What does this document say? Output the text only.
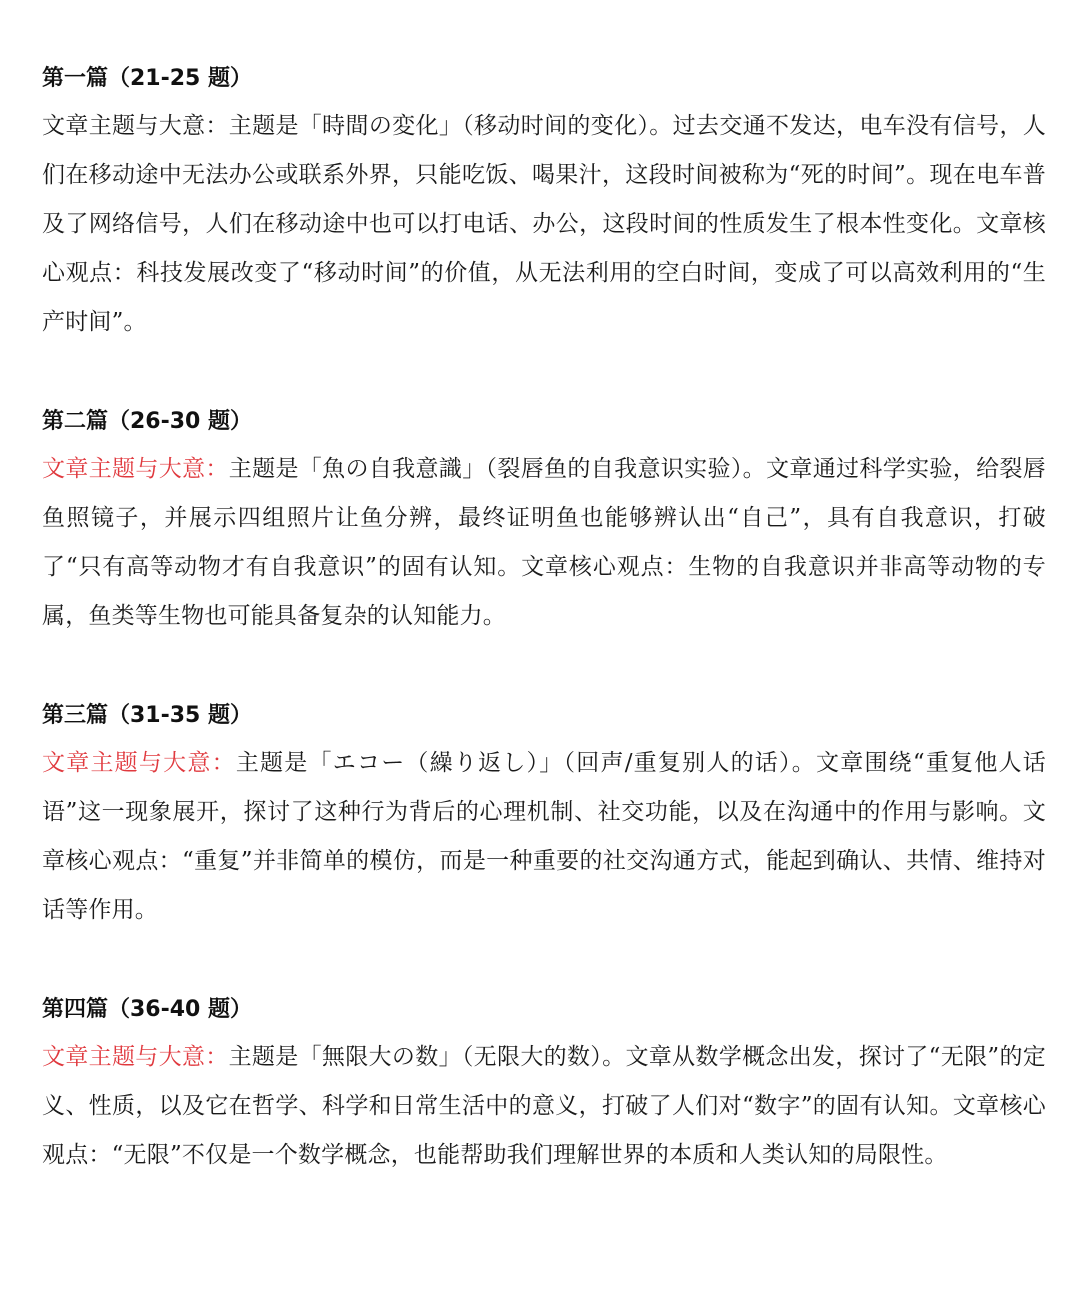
第一篇（21-25 题）

文章主题与大意：主题是「時間の変化」（移动时间的变化）。过去交通不发达，电车没有信号，人们在移动途中无法办公或联系外界，只能吃饭、喝果汁，这段时间被称为“死的时间”。现在电车普及了网络信号，人们在移动途中也可以打电话、办公，这段时间的性质发生了根本性变化。文章核心观点：科技发展改变了“移动时间”的价值，从无法利用的空白时间，变成了可以高效利用的“生产时间”。

第二篇（26-30 题）

文章主题与大意：主题是「魚の自我意識」（裂唇鱼的自我意识实验）。文章通过科学实验，给裂唇鱼照镜子，并展示四组照片让鱼分辨，最终证明鱼也能够辨认出“自己”，具有自我意识，打破了“只有高等动物才有自我意识”的固有认知。文章核心观点：生物的自我意识并非高等动物的专属，鱼类等生物也可能具备复杂的认知能力。

第三篇（31-35 题）

文章主题与大意：主题是「エコー（繰り返し）」（回声/重复别人的话）。文章围绕“重复他人话语”这一现象展开，探讨了这种行为背后的心理机制、社交功能，以及在沟通中的作用与影响。文章核心观点：“重复”并非简单的模仿，而是一种重要的社交沟通方式，能起到确认、共情、维持对话等作用。

第四篇（36-40 题）

文章主题与大意：主题是「無限大の数」（无限大的数）。文章从数学概念出发，探讨了“无限”的定义、性质，以及它在哲学、科学和日常生活中的意义，打破了人们对“数字”的固有认知。文章核心观点：“无限”不仅是一个数学概念，也能帮助我们理解世界的本质和人类认知的局限性。
